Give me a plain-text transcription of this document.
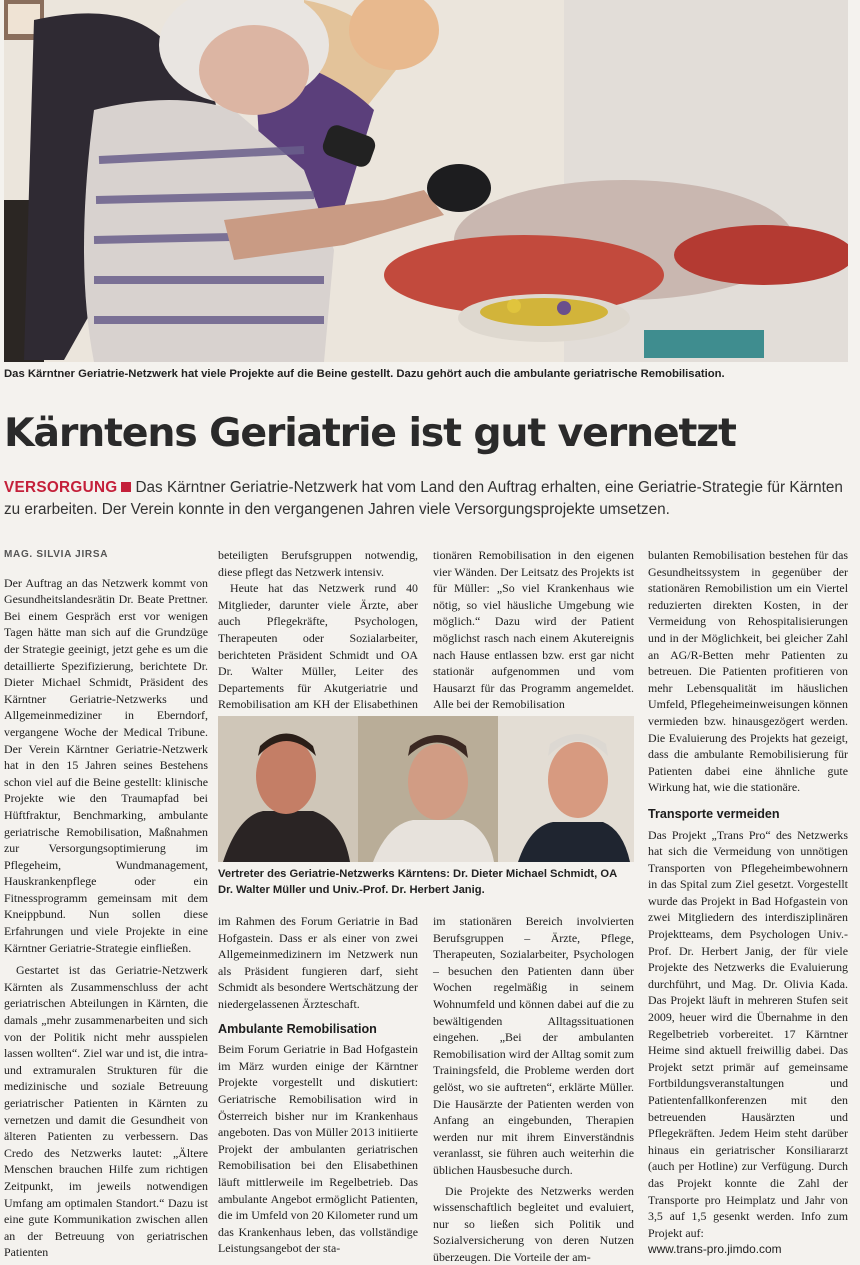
Das Kärntner Geriatrie-Netzwerk hat viele Projekte auf die Beine gestellt. Dazu gehört auch die ambulante geriatrische Remobilisation.
Kärntens Geriatrie ist gut vernetzt
VERSORGUNG Das Kärntner Geriatrie-Netzwerk hat vom Land den Auftrag erhalten, eine Geriatrie-Strategie für Kärnten zu erarbeiten. Der Verein konnte in den vergangenen Jahren viele Versorgungsprojekte umsetzen.
MAG. SILVIA JIRSA

Der Auftrag an das Netzwerk kommt von Gesundheitslandesrätin Dr. Beate Prettner. Bei einem Gespräch erst vor wenigen Tagen hätte man sich auf die Grundzüge der Strategie geeinigt, jetzt gehe es um die detaillierte Spezifizierung, berichtete Dr. Dieter Michael Schmidt, Präsident des Kärntner Geriatrie-Netzwerks und Allgemeinmediziner in Eberndorf, vergangene Woche der Medical Tribune. Der Verein Kärntner Geriatrie-Netzwerk hat in den 15 Jahren seines Bestehens schon viel auf die Beine gestellt: klinische Projekte wie den Traumapfad bei Hüftfraktur, Benchmarking, ambulante geriatrische Remobilisation, Maßnahmen zur Versorgungsoptimierung im Pflegeheim, Wundmanagement, Hauskrankenpflege oder ein Fitnessprogramm gemeinsam mit dem Kneippbund. Nun sollen diese Erfahrungen und viele Projekte in eine Kärntner Geriatrie-Strategie einfließen.

Gestartet ist das Geriatrie-Netzwerk Kärnten als Zusammenschluss der acht geriatrischen Abteilungen in Kärnten, die damals „mehr zusammenarbeiten und sich von der Politik nicht mehr ausspielen lassen wollten“. Ziel war und ist, die intra- und extramuralen Strukturen für die medizinische und soziale Betreuung geriatrischer Patienten in Kärnten zu vernetzen und damit die Gesundheit von älteren Patienten zu verbessern. Das Credo des Netzwerks lautet: „Ältere Menschen brauchen Hilfe zum richtigen Zeitpunkt, im jeweils notwendigen Umfang am optimalen Standort.“ Dazu ist eine gute Kommunikation zwischen allen an der Betreuung von geriatrischen Patienten

beteiligten Berufsgruppen notwendig, diese pflegt das Netzwerk intensiv.

Heute hat das Netzwerk rund 40 Mitglieder, darunter viele Ärzte, aber auch Pflegekräfte, Psychologen, Therapeuten oder Sozialarbeiter, berichteten Präsident Schmidt und OA Dr. Walter Müller, Leiter des Departements für Akutgeriatrie und Remobilisation am KH der Elisabethinen

tionären Remobilisation in den eigenen vier Wänden. Der Leitsatz des Projekts ist für Müller: „So viel Krankenhaus wie nötig, so viel häusliche Umgebung wie möglich.“ Dazu wird der Patient möglichst rasch nach einem Akuterеignis nach Hause entlassen bzw. erst gar nicht stationär aufgenommen und vom Hausarzt für das Programm angemeldet. Alle bei der Remobilisation

Vertreter des Geriatrie-Netzwerks Kärntens: Dr. Dieter Michael Schmidt, OA Dr. Walter Müller und Univ.-Prof. Dr. Herbert Janig.

im Rahmen des Forum Geriatrie in Bad Hofgastein. Dass er als einer von zwei Allgemeinmedizinern im Netzwerk nun als Präsident fungieren darf, sieht Schmidt als besondere Wertschätzung der niedergelassenen Ärzteschaft.

Ambulante Remobilisation

Beim Forum Geriatrie in Bad Hofgastein im März wurden einige der Kärntner Projekte vorgestellt und diskutiert: Geriatrische Remobilisation wird in Österreich bisher nur im Krankenhaus angeboten. Das von Müller 2013 initiierte Projekt der ambulanten geriatrischen Remobilisation bei den Elisabethinen läuft mittlerweile im Regelbetrieb. Das ambulante Angebot ermöglicht Patienten, die im Umfeld von 20 Kilometer rund um das Krankenhaus leben, das vollständige Leistungsangebot der sta-

im stationären Bereich involvierten Berufsgruppen – Ärzte, Pflege, Therapeuten, Sozialarbeiter, Psychologen – besuchen den Patienten dann über Wochen regelmäßig in seinem Wohnumfeld und können dabei auf die zu bewältigenden Alltagssituationen eingehen. „Bei der ambulanten Remobilisation wird der Alltag somit zum Trainingsfeld, die Probleme werden dort gelöst, wo sie auftreten“, erklärte Müller. Die Hausärzte der Patienten werden von Anfang an eingebunden, Therapien werden nur mit ihrem Einverständnis veranlasst, sie führen auch weiterhin die üblichen Hausbesuche durch.

Die Projekte des Netzwerks werden wissenschaftlich begleitet und evaluiert, nur so ließen sich Politik und Sozialversicherung von deren Nutzen überzeugen. Die Vorteile der am-

bulanten Remobilisation bestehen für das Gesundheitssystem in gegenüber der stationären Remobilistion um ein Viertel reduzierten direkten Kosten, in der Vermeidung von Rehospitalisierungen und in der Möglichkeit, bei gleicher Zahl an AG/R-Betten mehr Patienten zu betreuen. Die Patienten profitieren von mehr Lebensqualität im häuslichen Umfeld, Pflegeheimeinweisungen können vermieden bzw. hinausgezögert werden. Die Evaluierung des Projekts hat gezeigt, dass die ambulante Remobilisierung für Patienten dabei eine ähnliche gute Wirkung hat, wie die stationäre.

Transporte vermeiden

Das Projekt „Trans Pro“ des Netzwerks hat sich die Vermeidung von unnötigen Transporten von Pflegeheimbewohnern in das Spital zum Ziel gesetzt. Vorgestellt wurde das Projekt in Bad Hofgastein von zwei Mitgliedern des interdisziplinären Projektteams, dem Psychologen Univ.-Prof. Dr. Herbert Janig, der für viele Projekte des Netzwerks die Evaluierung durchführt, und Mag. Dr. Olivia Kada. Das Projekt läuft in mehreren Stufen seit 2009, heuer wird die Übernahme in den Regelbetrieb vorbereitet. 17 Kärntner Heime sind aktuell freiwillig dabei. Das Projekt setzt primär auf gemeinsame Fortbildungsveranstaltungen und Patientenfallkonferenzen mit den betreuenden Hausärzten und Pflegekräften. Jedem Heim steht darüber hinaus ein geriatrischer Konsiliararzt (auch per Hotline) zur Verfügung. Durch das Projekt konnte die Zahl der Transporte pro Heimplatz und Jahr von 3,5 auf 1,5 gesenkt werden. Info zum Projekt auf:

www.trans-pro.jimdo.com
